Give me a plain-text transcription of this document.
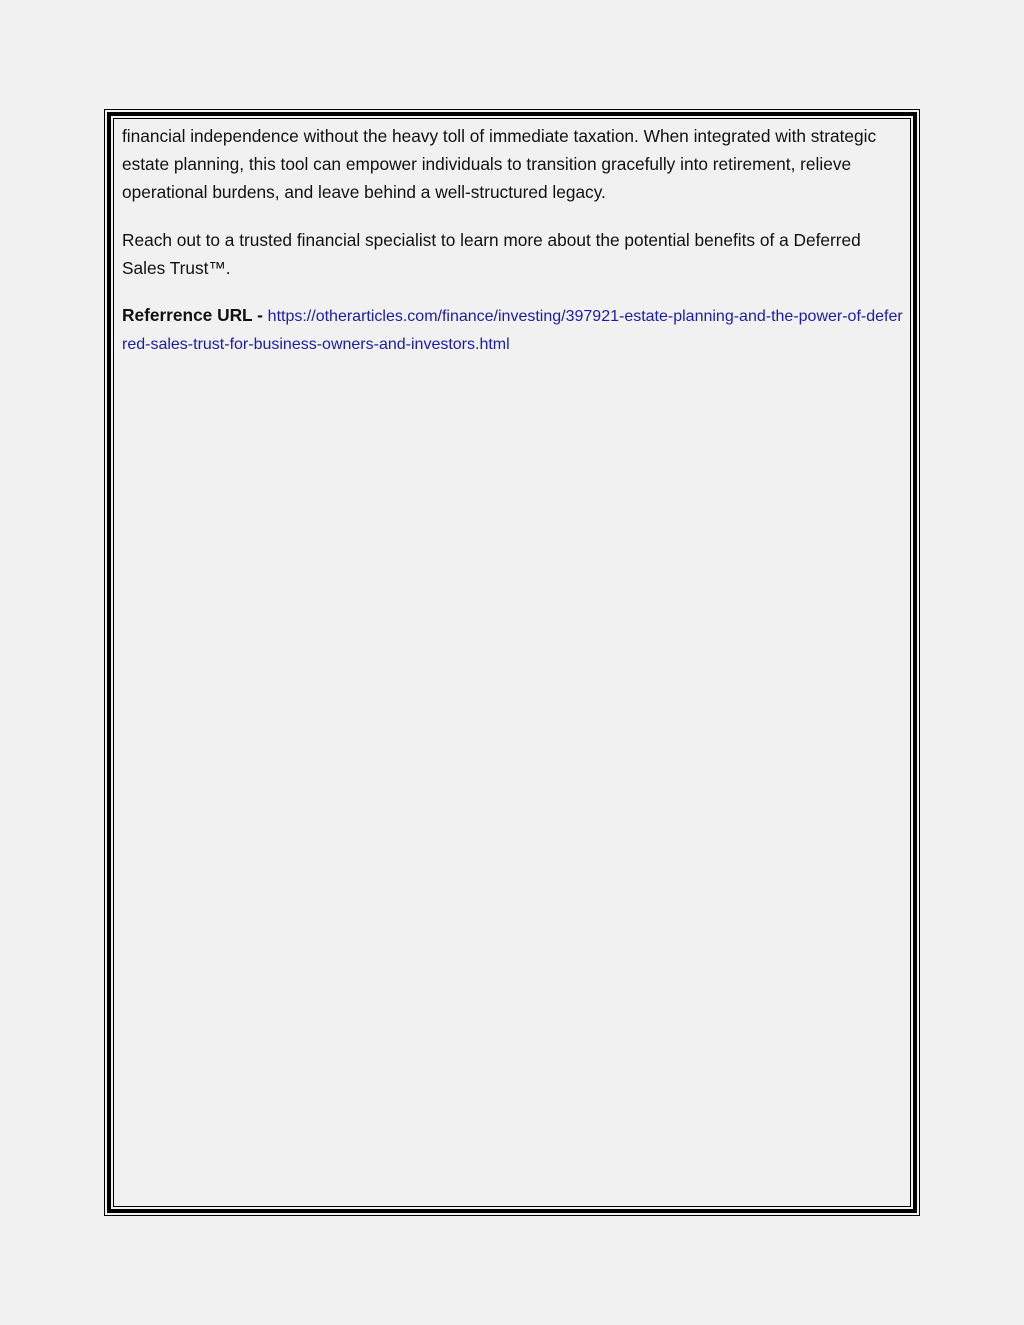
financial independence without the heavy toll of immediate taxation. When integrated with strategic estate planning, this tool can empower individuals to transition gracefully into retirement, relieve operational burdens, and leave behind a well-structured legacy.

Reach out to a trusted financial specialist to learn more about the potential benefits of a Deferred Sales Trust™.

Referrence URL - https://otherarticles.com/finance/investing/397921-estate-planning-and-the-power-of-deferred-sales-trust-for-business-owners-and-investors.html
